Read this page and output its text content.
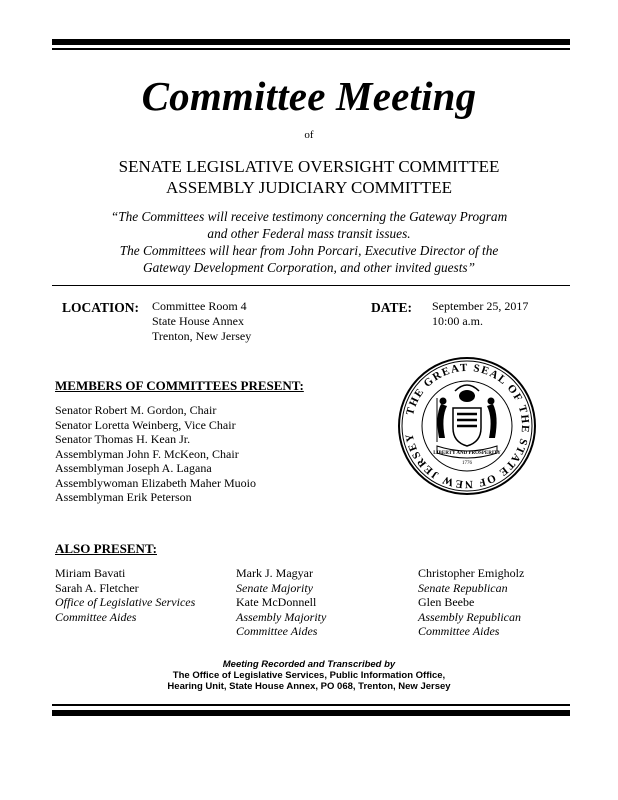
Committee Meeting
of
SENATE LEGISLATIVE OVERSIGHT COMMITTEE
ASSEMBLY JUDICIARY COMMITTEE
“The Committees will receive testimony concerning the Gateway Program
and other Federal mass transit issues.
The Committees will hear from John Porcari, Executive Director of the
Gateway Development Corporation, and other invited guests”
LOCATION: Committee Room 4
State House Annex
Trenton, New Jersey
DATE: September 25, 2017
10:00 a.m.
MEMBERS OF COMMITTEES PRESENT:
Senator Robert M. Gordon, Chair
Senator Loretta Weinberg, Vice Chair
Senator Thomas H. Kean Jr.
Assemblyman John F. McKeon, Chair
Assemblyman Joseph A. Lagana
Assemblywoman Elizabeth Maher Muoio
Assemblyman Erik Peterson
THE GREAT SEAL OF THE STATE OF NEW JERSEY
LIBERTY AND PROSPERITY
1776
ALSO PRESENT:
Miriam Bavati
Sarah A. Fletcher
Office of Legislative Services
Committee Aides
Mark J. Magyar
Senate Majority
Kate McDonnell
Assembly Majority
Committee Aides
Christopher Emigholz
Senate Republican
Glen Beebe
Assembly Republican
Committee Aides
Meeting Recorded and Transcribed by
The Office of Legislative Services, Public Information Office,
Hearing Unit, State House Annex, PO 068, Trenton, New Jersey
